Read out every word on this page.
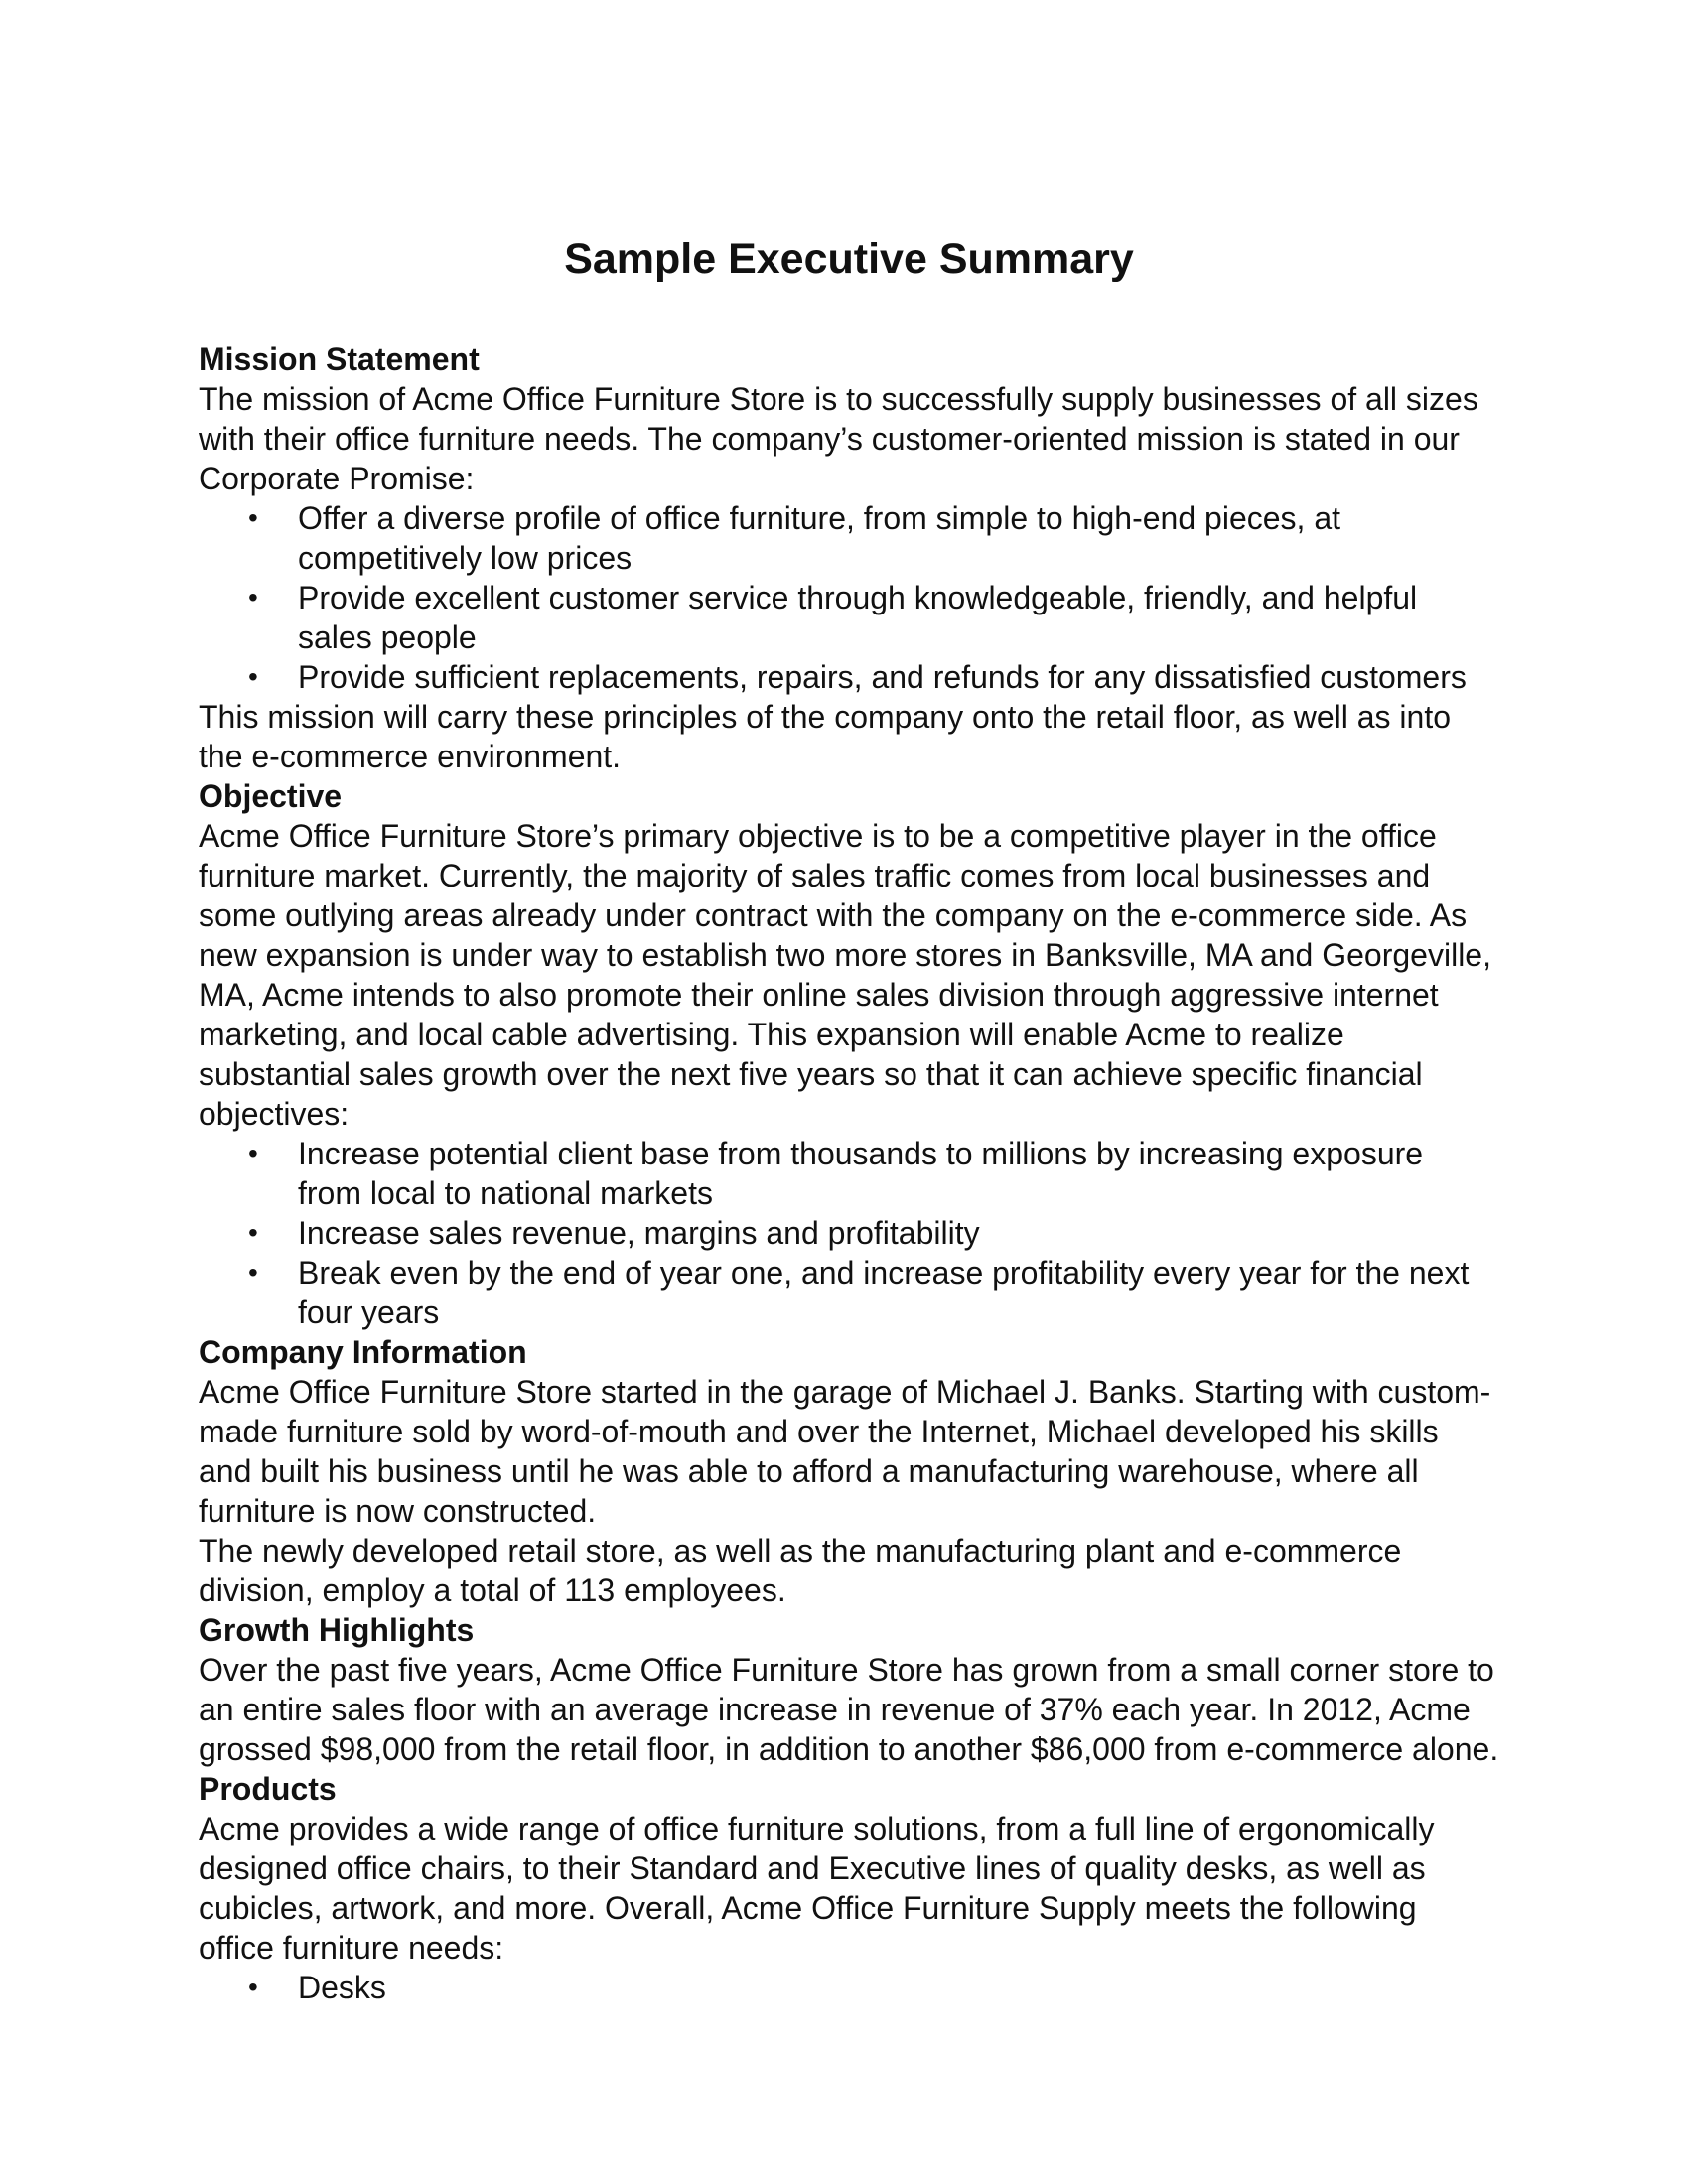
Sample Executive Summary
Mission Statement

The mission of Acme Office Furniture Store is to successfully supply businesses of all sizes with their office furniture needs. The company’s customer-oriented mission is stated in our Corporate Promise:

• Offer a diverse profile of office furniture, from simple to high-end pieces, at competitively low prices
• Provide excellent customer service through knowledgeable, friendly, and helpful sales people
• Provide sufficient replacements, repairs, and refunds for any dissatisfied customers

This mission will carry these principles of the company onto the retail floor, as well as into the e-commerce environment.

Objective

Acme Office Furniture Store’s primary objective is to be a competitive player in the office furniture market. Currently, the majority of sales traffic comes from local businesses and some outlying areas already under contract with the company on the e-commerce side. As new expansion is under way to establish two more stores in Banksville, MA and Georgeville, MA, Acme intends to also promote their online sales division through aggressive internet marketing, and local cable advertising. This expansion will enable Acme to realize substantial sales growth over the next five years so that it can achieve specific financial objectives:

• Increase potential client base from thousands to millions by increasing exposure from local to national markets
• Increase sales revenue, margins and profitability
• Break even by the end of year one, and increase profitability every year for the next four years
Company Information

Acme Office Furniture Store started in the garage of Michael J. Banks. Starting with custom-made furniture sold by word-of-mouth and over the Internet, Michael developed his skills and built his business until he was able to afford a manufacturing warehouse, where all furniture is now constructed.

The newly developed retail store, as well as the manufacturing plant and e-commerce division, employ a total of 113 employees.

Growth Highlights

Over the past five years, Acme Office Furniture Store has grown from a small corner store to an entire sales floor with an average increase in revenue of 37% each year. In 2012, Acme grossed $98,000 from the retail floor, in addition to another $86,000 from e-commerce alone.

Products

Acme provides a wide range of office furniture solutions, from a full line of ergonomically designed office chairs, to their Standard and Executive lines of quality desks, as well as cubicles, artwork, and more. Overall, Acme Office Furniture Supply meets the following office furniture needs:

• Desks
